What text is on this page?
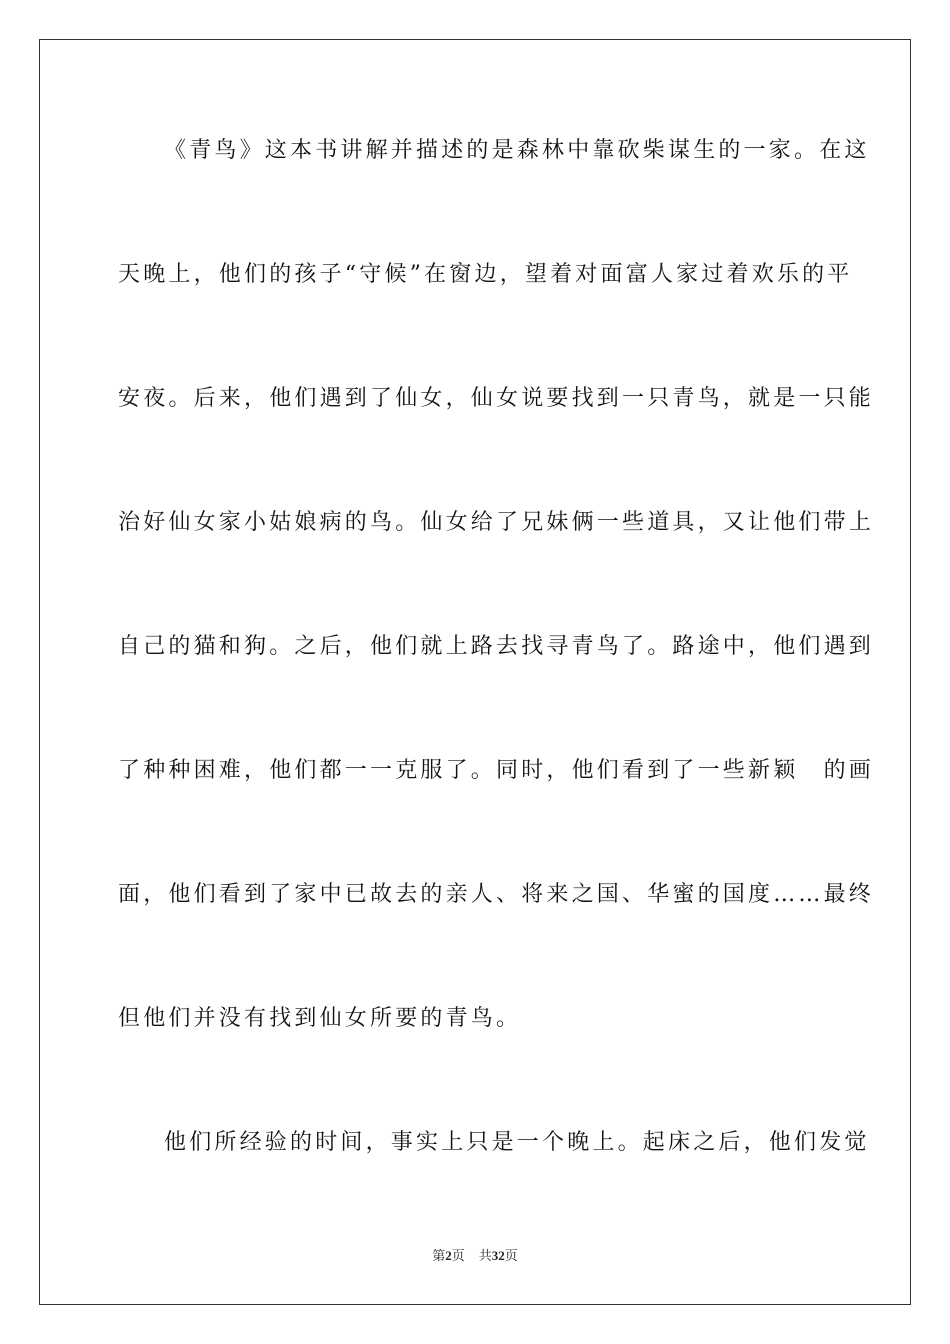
《青鸟》这本书讲解并描述的是森林中靠砍柴谋生的一家。在这
天晚上，他们的孩子“守候”在窗边，望着对面富人家过着欢乐的平
安夜。后来，他们遇到了仙女，仙女说要找到一只青鸟，就是一只能
治好仙女家小姑娘病的鸟。仙女给了兄妹俩一些道具，又让他们带上
自己的猫和狗。之后，他们就上路去找寻青鸟了。路途中，他们遇到
了种种困难，他们都一一克服了。同时，他们看到了一些新颖　的画
面，他们看到了家中已故去的亲人、将来之国、华蜜的国度……最终
但他们并没有找到仙女所要的青鸟。
他们所经验的时间，事实上只是一个晚上。起床之后，他们发觉
第2页 共32页
